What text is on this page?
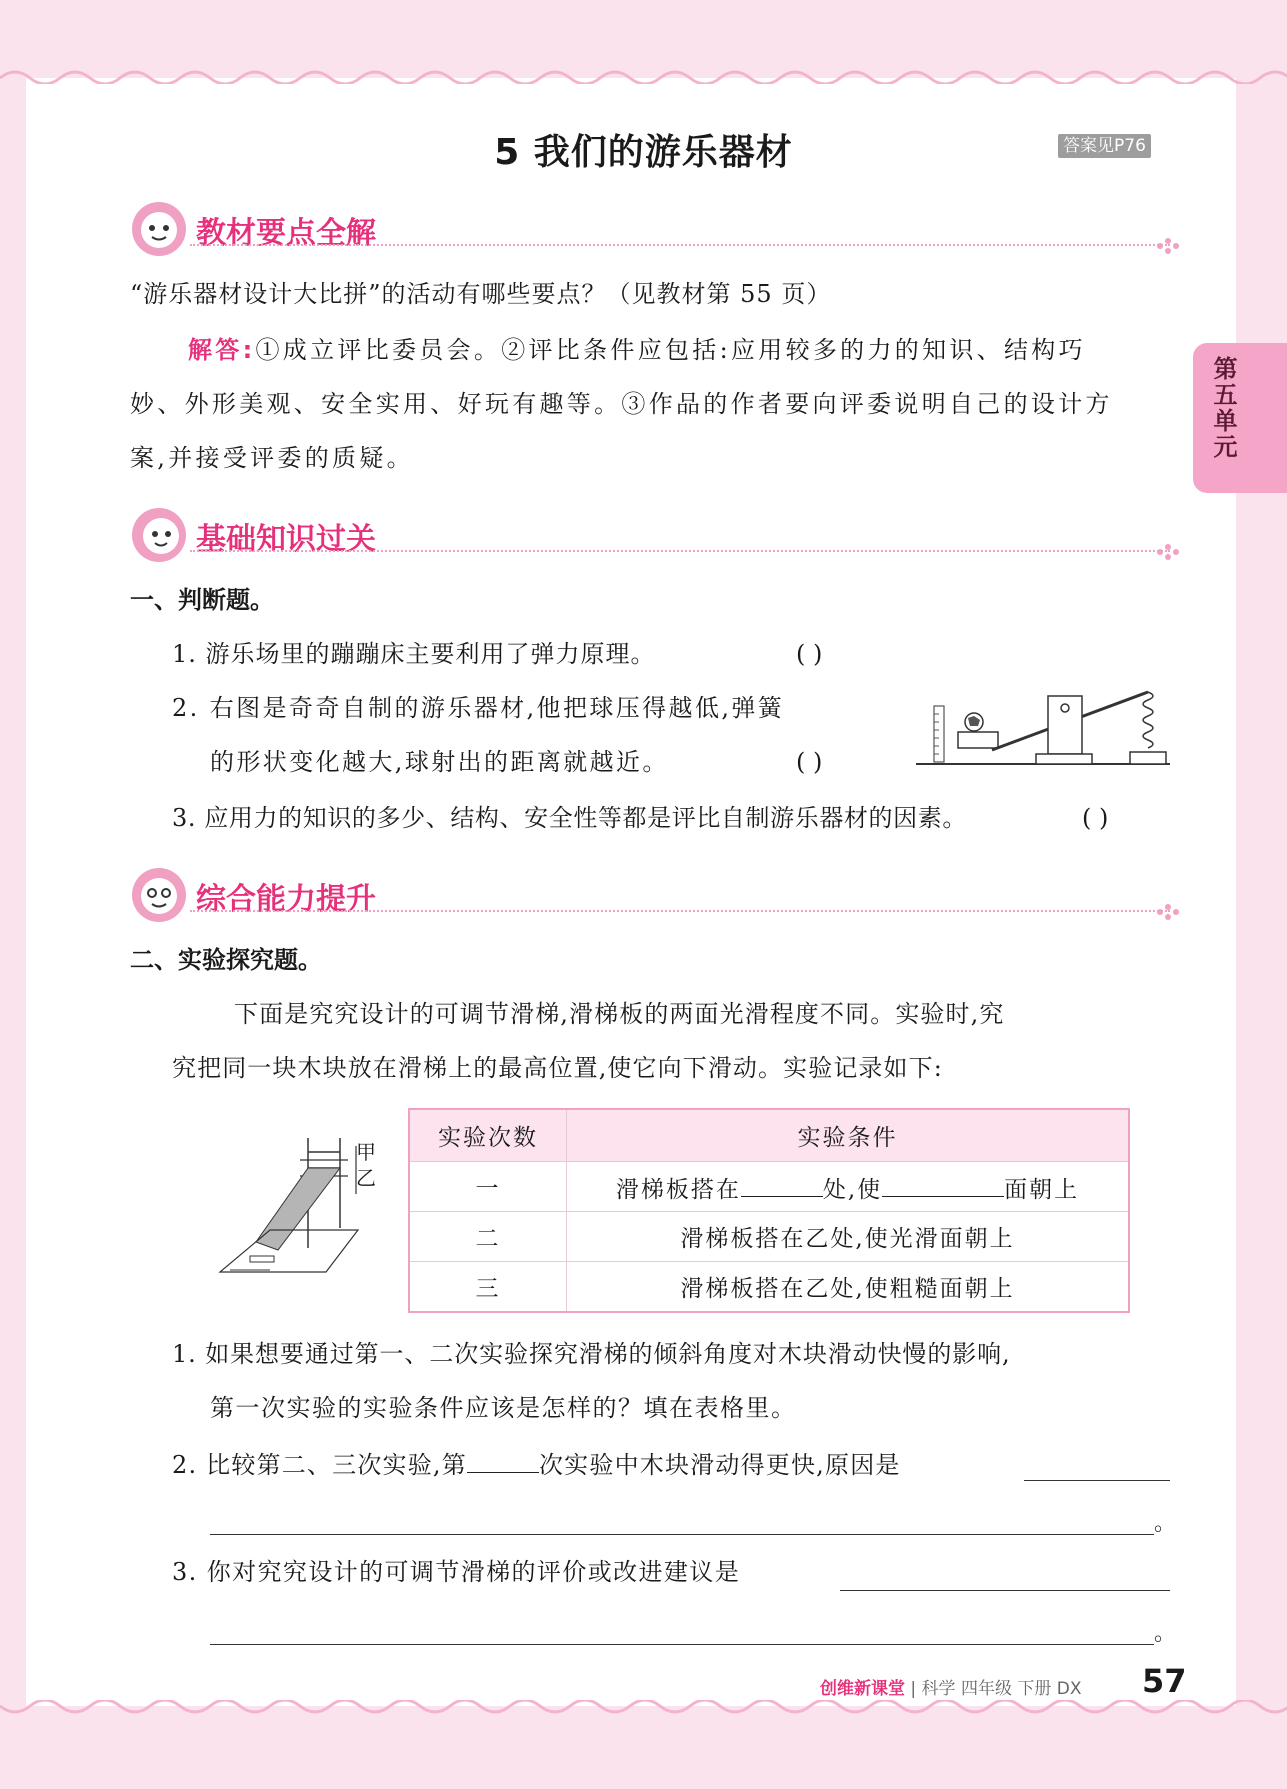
5 我们的游乐器材	答案见P76
第五单元
教材要点全解
“游乐器材设计大比拼”的活动有哪些要点？（见教材第 55 页）
解答:①成立评比委员会。②评比条件应包括:应用较多的力的知识、结构巧
妙、外形美观、安全实用、好玩有趣等。③作品的作者要向评委说明自己的设计方
案,并接受评委的质疑。
基础知识过关
一、判断题。
1. 游乐场里的蹦蹦床主要利用了弹力原理。	( )
2. 右图是奇奇自制的游乐器材,他把球压得越低,弹簧
的形状变化越大,球射出的距离就越近。	( )
3. 应用力的知识的多少、结构、安全性等都是评比自制游乐器材的因素。	( )
综合能力提升
二、实验探究题。
下面是究究设计的可调节滑梯,滑梯板的两面光滑程度不同。实验时,究
究把同一块木块放在滑梯上的最高位置,使它向下滑动。实验记录如下:
甲
乙
实验次数	实验条件
一	滑梯板搭在 处,使 面朝上
二	滑梯板搭在乙处,使光滑面朝上
三	滑梯板搭在乙处,使粗糙面朝上
1. 如果想要通过第一、二次实验探究滑梯的倾斜角度对木块滑动快慢的影响,
第一次实验的实验条件应该是怎样的？填在表格里。
2. 比较第二、三次实验,第	次实验中木块滑动得更快,原因是
。
3. 你对究究设计的可调节滑梯的评价或改进建议是
。
创维新课堂 | 科学 四年级 下册 DX 57
